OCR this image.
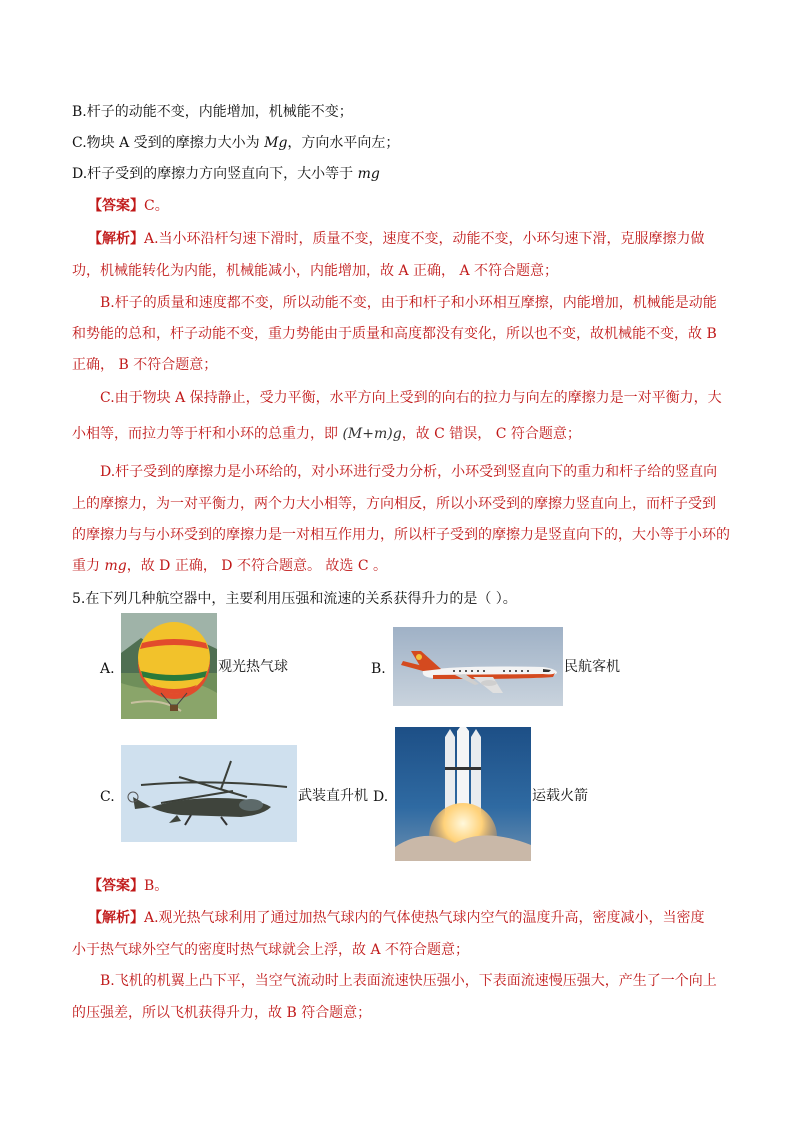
B.杆子的动能不变，内能增加，机械能不变；
C.物块 A 受到的摩擦力大小为 Mg，方向水平向左；
D.杆子受到的摩擦力方向竖直向下，大小等于 mg
【答案】C。
【解析】A.当小环沿杆匀速下滑时，质量不变，速度不变，动能不变，小环匀速下滑，克服摩擦力做
功，机械能转化为内能，机械能减小，内能增加，故 A 正确， A 不符合题意；
B.杆子的质量和速度都不变，所以动能不变，由于和杆子和小环相互摩擦，内能增加，机械能是动能
和势能的总和，杆子动能不变，重力势能由于质量和高度都没有变化，所以也不变，故机械能不变，故 B
正确， B 不符合题意；
C.由于物块 A 保持静止，受力平衡，水平方向上受到的向右的拉力与向左的摩擦力是一对平衡力，大
小相等，而拉力等于杆和小环的总重力，即 (M+m)g，故 C 错误， C 符合题意；
D.杆子受到的摩擦力是小环给的，对小环进行受力分析，小环受到竖直向下的重力和杆子给的竖直向
上的摩擦力，为一对平衡力，两个力大小相等，方向相反，所以小环受到的摩擦力竖直向上，而杆子受到
的摩擦力与与小环受到的摩擦力是一对相互作用力，所以杆子受到的摩擦力是竖直向下的，大小等于小环的
重力 mg，故 D 正确， D 不符合题意。 故选 C 。
5.在下列几种航空器中，主要利用压强和流速的关系获得升力的是（ ）。
A.	观光热气球	B.	民航客机
C.	武装直升机 D.	运载火箭
【答案】B。
【解析】A.观光热气球利用了通过加热气球内的气体使热气球内空气的温度升高，密度减小，当密度
小于热气球外空气的密度时热气球就会上浮，故 A 不符合题意；
B.飞机的机翼上凸下平，当空气流动时上表面流速快压强小，下表面流速慢压强大，产生了一个向上
的压强差，所以飞机获得升力，故 B 符合题意；
